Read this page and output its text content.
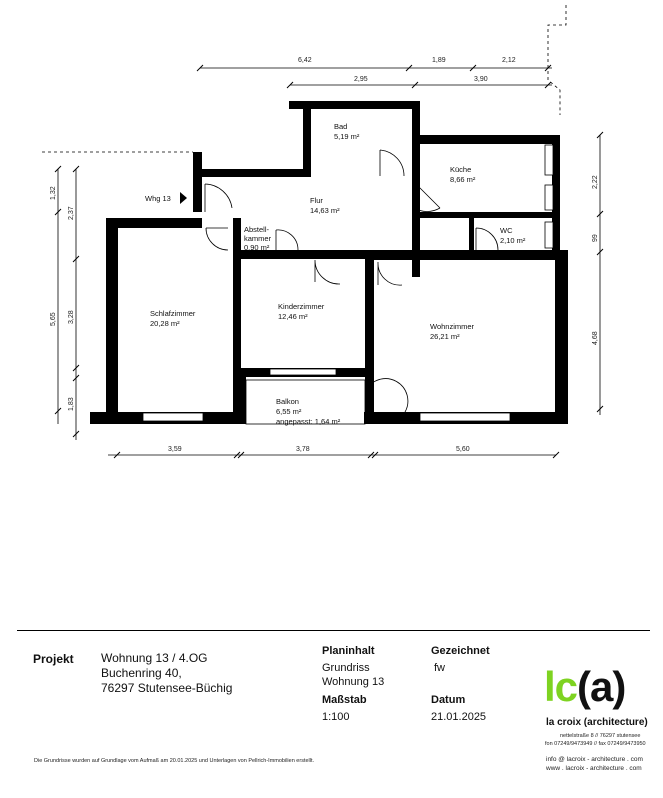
6,42	1,89	2,12
2,95	3,90
1,32
5,65
1,83
2,37
3,28
2,22
99
4,68
3,59	3,78	5,60
Bad
5,19 m²
Küche
8,66 m²
Flur
14,63 m²
WC
2,10 m²
Abstell-
kammer
0,90 m²
Schlafzimmer
20,28 m²
Kinderzimmer
12,46 m²
Wohnzimmer
26,21 m²
Balkon
6,55 m²
angepasst: 1,64 m²
Whg 13
Projekt Wohnung 13 / 4.OG
Buchenring 40,
76297 Stutensee-Büchig
Planinhalt
Grundriss
Wohnung 13
Maßstab
1:100
Gezeichnet
fw
Datum
21.01.2025
lc(a)
la croix (architecture)
nettelstraße 8 // 76297 stutensee
fon 07249/9473949 // fax 07249/9473950
info @ lacroix - architecture . com
www . lacroix - architecture . com
Die Grundrisse wurden auf Grundlage vom Aufmaß am 20.01.2025 und Unterlagen von Pellrich-Immobilien erstellt.
